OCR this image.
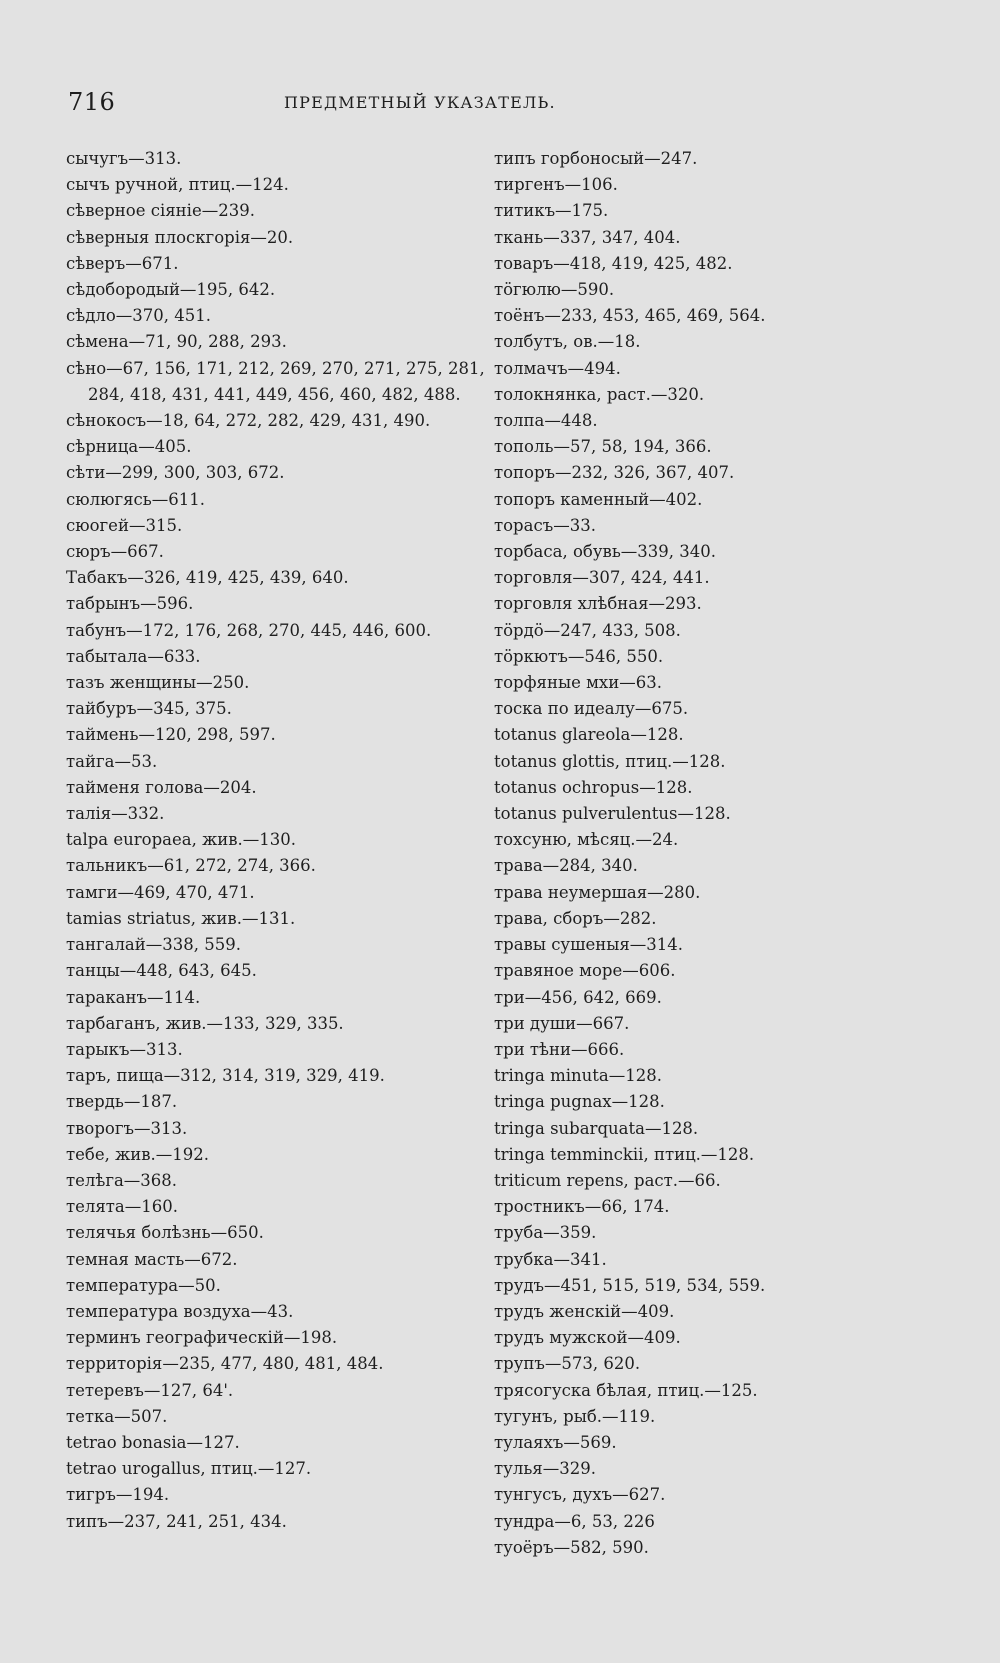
716	ПРЕДМЕТНЫЙ УКАЗАТЕЛЬ.
сычугъ—313.
сычъ ручной, птиц.—124.
сѣверное сіяніе—239.
сѣверныя плоскгорія—20.
сѣверъ—671.
сѣдобородый—195, 642.
сѣдло—370, 451.
сѣмена—71, 90, 288, 293.
сѣно—67, 156, 171, 212, 269, 270, 271, 275, 281, 284, 418, 431, 441, 449, 456, 460, 482, 488.
сѣнокосъ—18, 64, 272, 282, 429, 431, 490.
сѣрница—405.
сѣти—299, 300, 303, 672.
сюлюгясь—611.
сюогей—315.
сюръ—667.
Табакъ—326, 419, 425, 439, 640.
табрынъ—596.
табунъ—172, 176, 268, 270, 445, 446, 600.
табытала—633.
тазъ женщины—250.
тайбуръ—345, 375.
таймень—120, 298, 597.
тайга—53.
тайменя голова—204.
талія—332.
talpa europaea, жив.—130.
тальникъ—61, 272, 274, 366.
тамги—469, 470, 471.
tamias striatus, жив.—131.
тангалай—338, 559.
танцы—448, 643, 645.
тараканъ—114.
тарбаганъ, жив.—133, 329, 335.
тарыкъ—313.
таръ, пища—312, 314, 319, 329, 419.
твердь—187.
творогъ—313.
тебе, жив.—192.
телѣга—368.
телята—160.
телячья болѣзнь—650.
темная масть—672.
температура—50.
температура воздуха—43.
терминъ географическій—198.
территорія—235, 477, 480, 481, 484.
тетеревъ—127, 64'.
тетка—507.
tetrao bonasia—127.
tetrao urogallus, птиц.—127.
тигръ—194.
типъ—237, 241, 251, 434.
типъ горбоносый—247.
тиргенъ—106.
титикъ—175.
ткань—337, 347, 404.
товаръ—418, 419, 425, 482.
тӧгюлю—590.
тоёнъ—233, 453, 465, 469, 564.
толбутъ, ов.—18.
толмачъ—494.
толокнянка, раст.—320.
толпа—448.
тополь—57, 58, 194, 366.
топоръ—232, 326, 367, 407.
топоръ каменный—402.
торасъ—33.
торбаса, обувь—339, 340.
торговля—307, 424, 441.
торговля хлѣбная—293.
тӧрдӧ—247, 433, 508.
тӧркютъ—546, 550.
торфяные мхи—63.
тоска по идеалу—675.
totanus glareola—128.
totanus glottis, птиц.—128.
totanus ochropus—128.
totanus pulverulentus—128.
тохсуню, мѣсяц.—24.
трава—284, 340.
трава неумершая—280.
трава, сборъ—282.
травы сушеныя—314.
травяное море—606.
три—456, 642, 669.
три души—667.
три тѣни—666.
tringa minuta—128.
tringa pugnax—128.
tringa subarquata—128.
tringa temminckii, птиц.—128.
triticum repens, раст.—66.
тростникъ—66, 174.
труба—359.
трубка—341.
трудъ—451, 515, 519, 534, 559.
трудъ женскій—409.
трудъ мужской—409.
трупъ—573, 620.
трясогуска бѣлая, птиц.—125.
тугунъ, рыб.—119.
тулаяхъ—569.
тулья—329.
тунгусъ, духъ—627.
тундра—6, 53, 226
туоёръ—582, 590.
